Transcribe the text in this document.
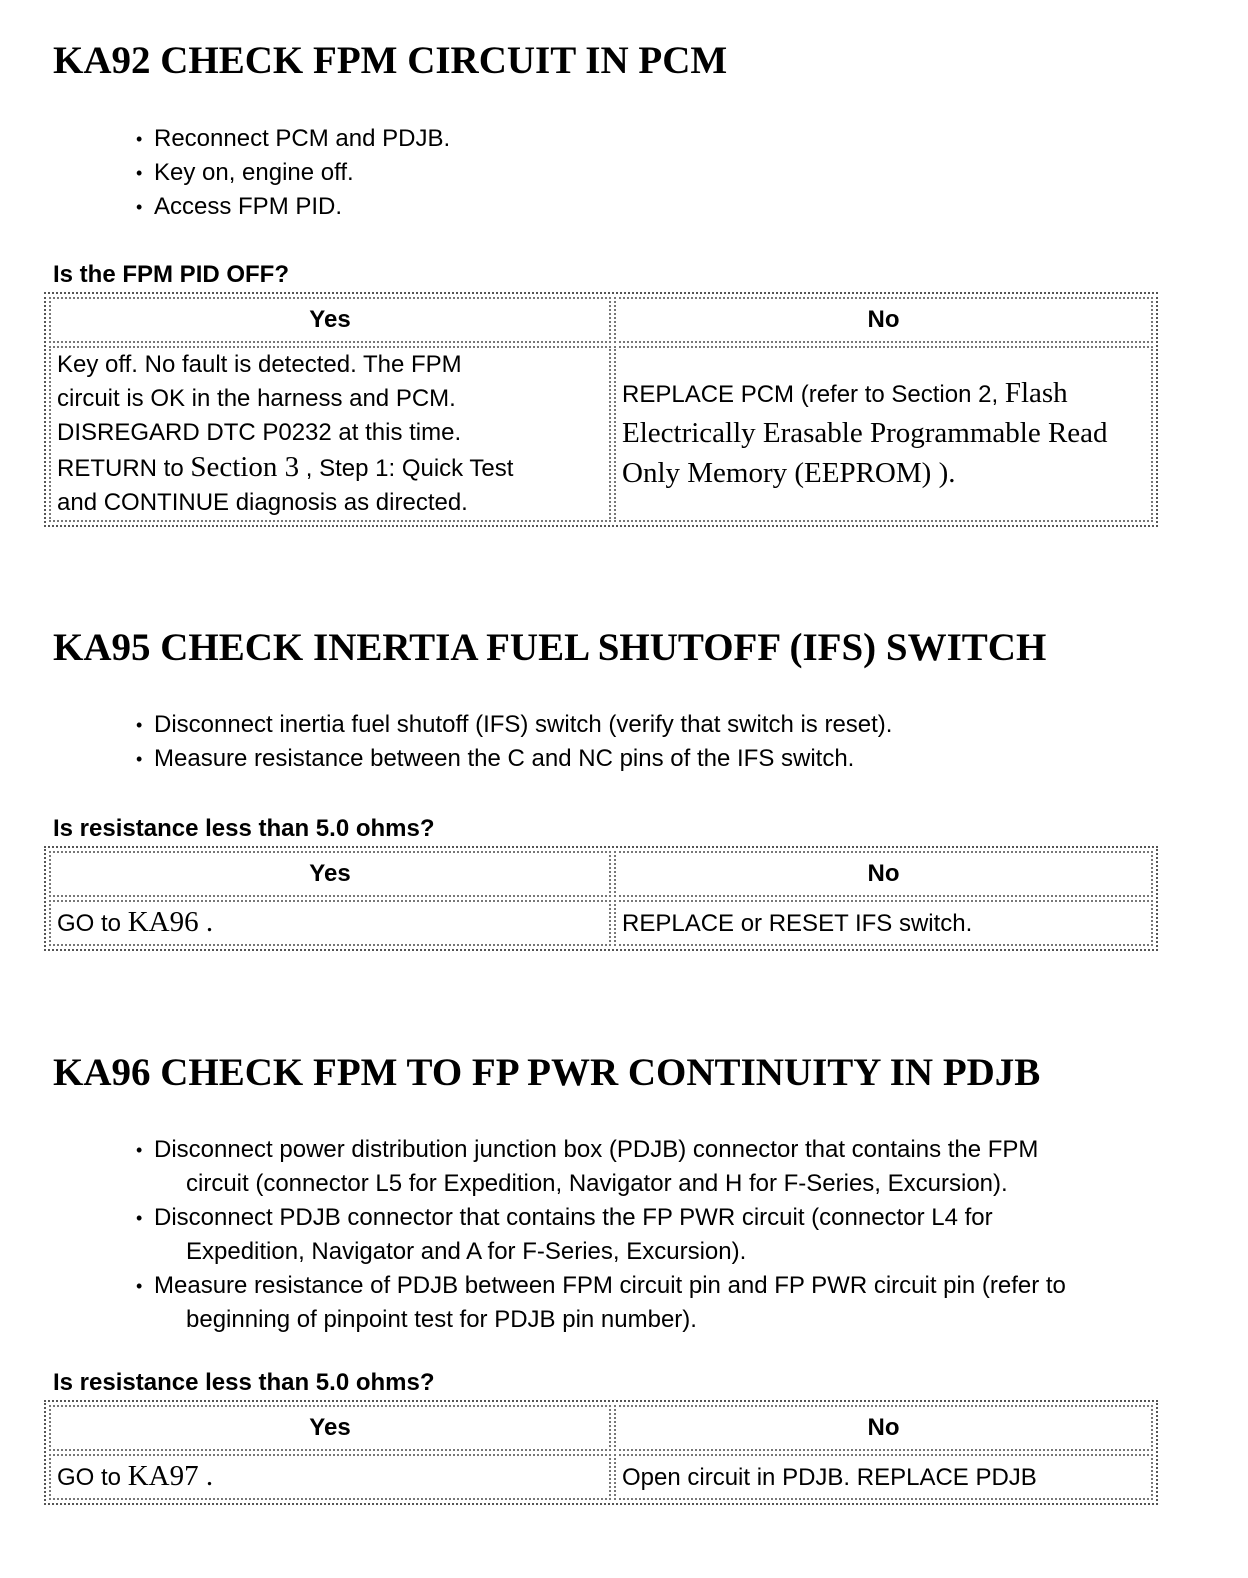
KA92 CHECK FPM CIRCUIT IN PCM
• Reconnect PCM and PDJB.
• Key on, engine off.
• Access FPM PID.

Is the FPM PID OFF?

Yes	No
Key off. No fault is detected. The FPM
circuit is OK in the harness and PCM.
DISREGARD DTC P0232 at this time.
RETURN to Section 3 , Step 1: Quick Test
and CONTINUE diagnosis as directed.	REPLACE PCM (refer to Section 2, Flash Electrically Erasable Programmable Read Only Memory (EEPROM) ).
KA95 CHECK INERTIA FUEL SHUTOFF (IFS) SWITCH
• Disconnect inertia fuel shutoff (IFS) switch (verify that switch is reset).
• Measure resistance between the C and NC pins of the IFS switch.

Is resistance less than 5.0 ohms?

Yes	No
GO to KA96 .	REPLACE or RESET IFS switch.
KA96 CHECK FPM TO FP PWR CONTINUITY IN PDJB
• Disconnect power distribution junction box (PDJB) connector that contains the FPM
circuit (connector L5 for Expedition, Navigator and H for F-Series, Excursion).
• Disconnect PDJB connector that contains the FP PWR circuit (connector L4 for
Expedition, Navigator and A for F-Series, Excursion).
• Measure resistance of PDJB between FPM circuit pin and FP PWR circuit pin (refer to
beginning of pinpoint test for PDJB pin number).

Is resistance less than 5.0 ohms?

Yes	No
GO to KA97 .	Open circuit in PDJB. REPLACE PDJB
